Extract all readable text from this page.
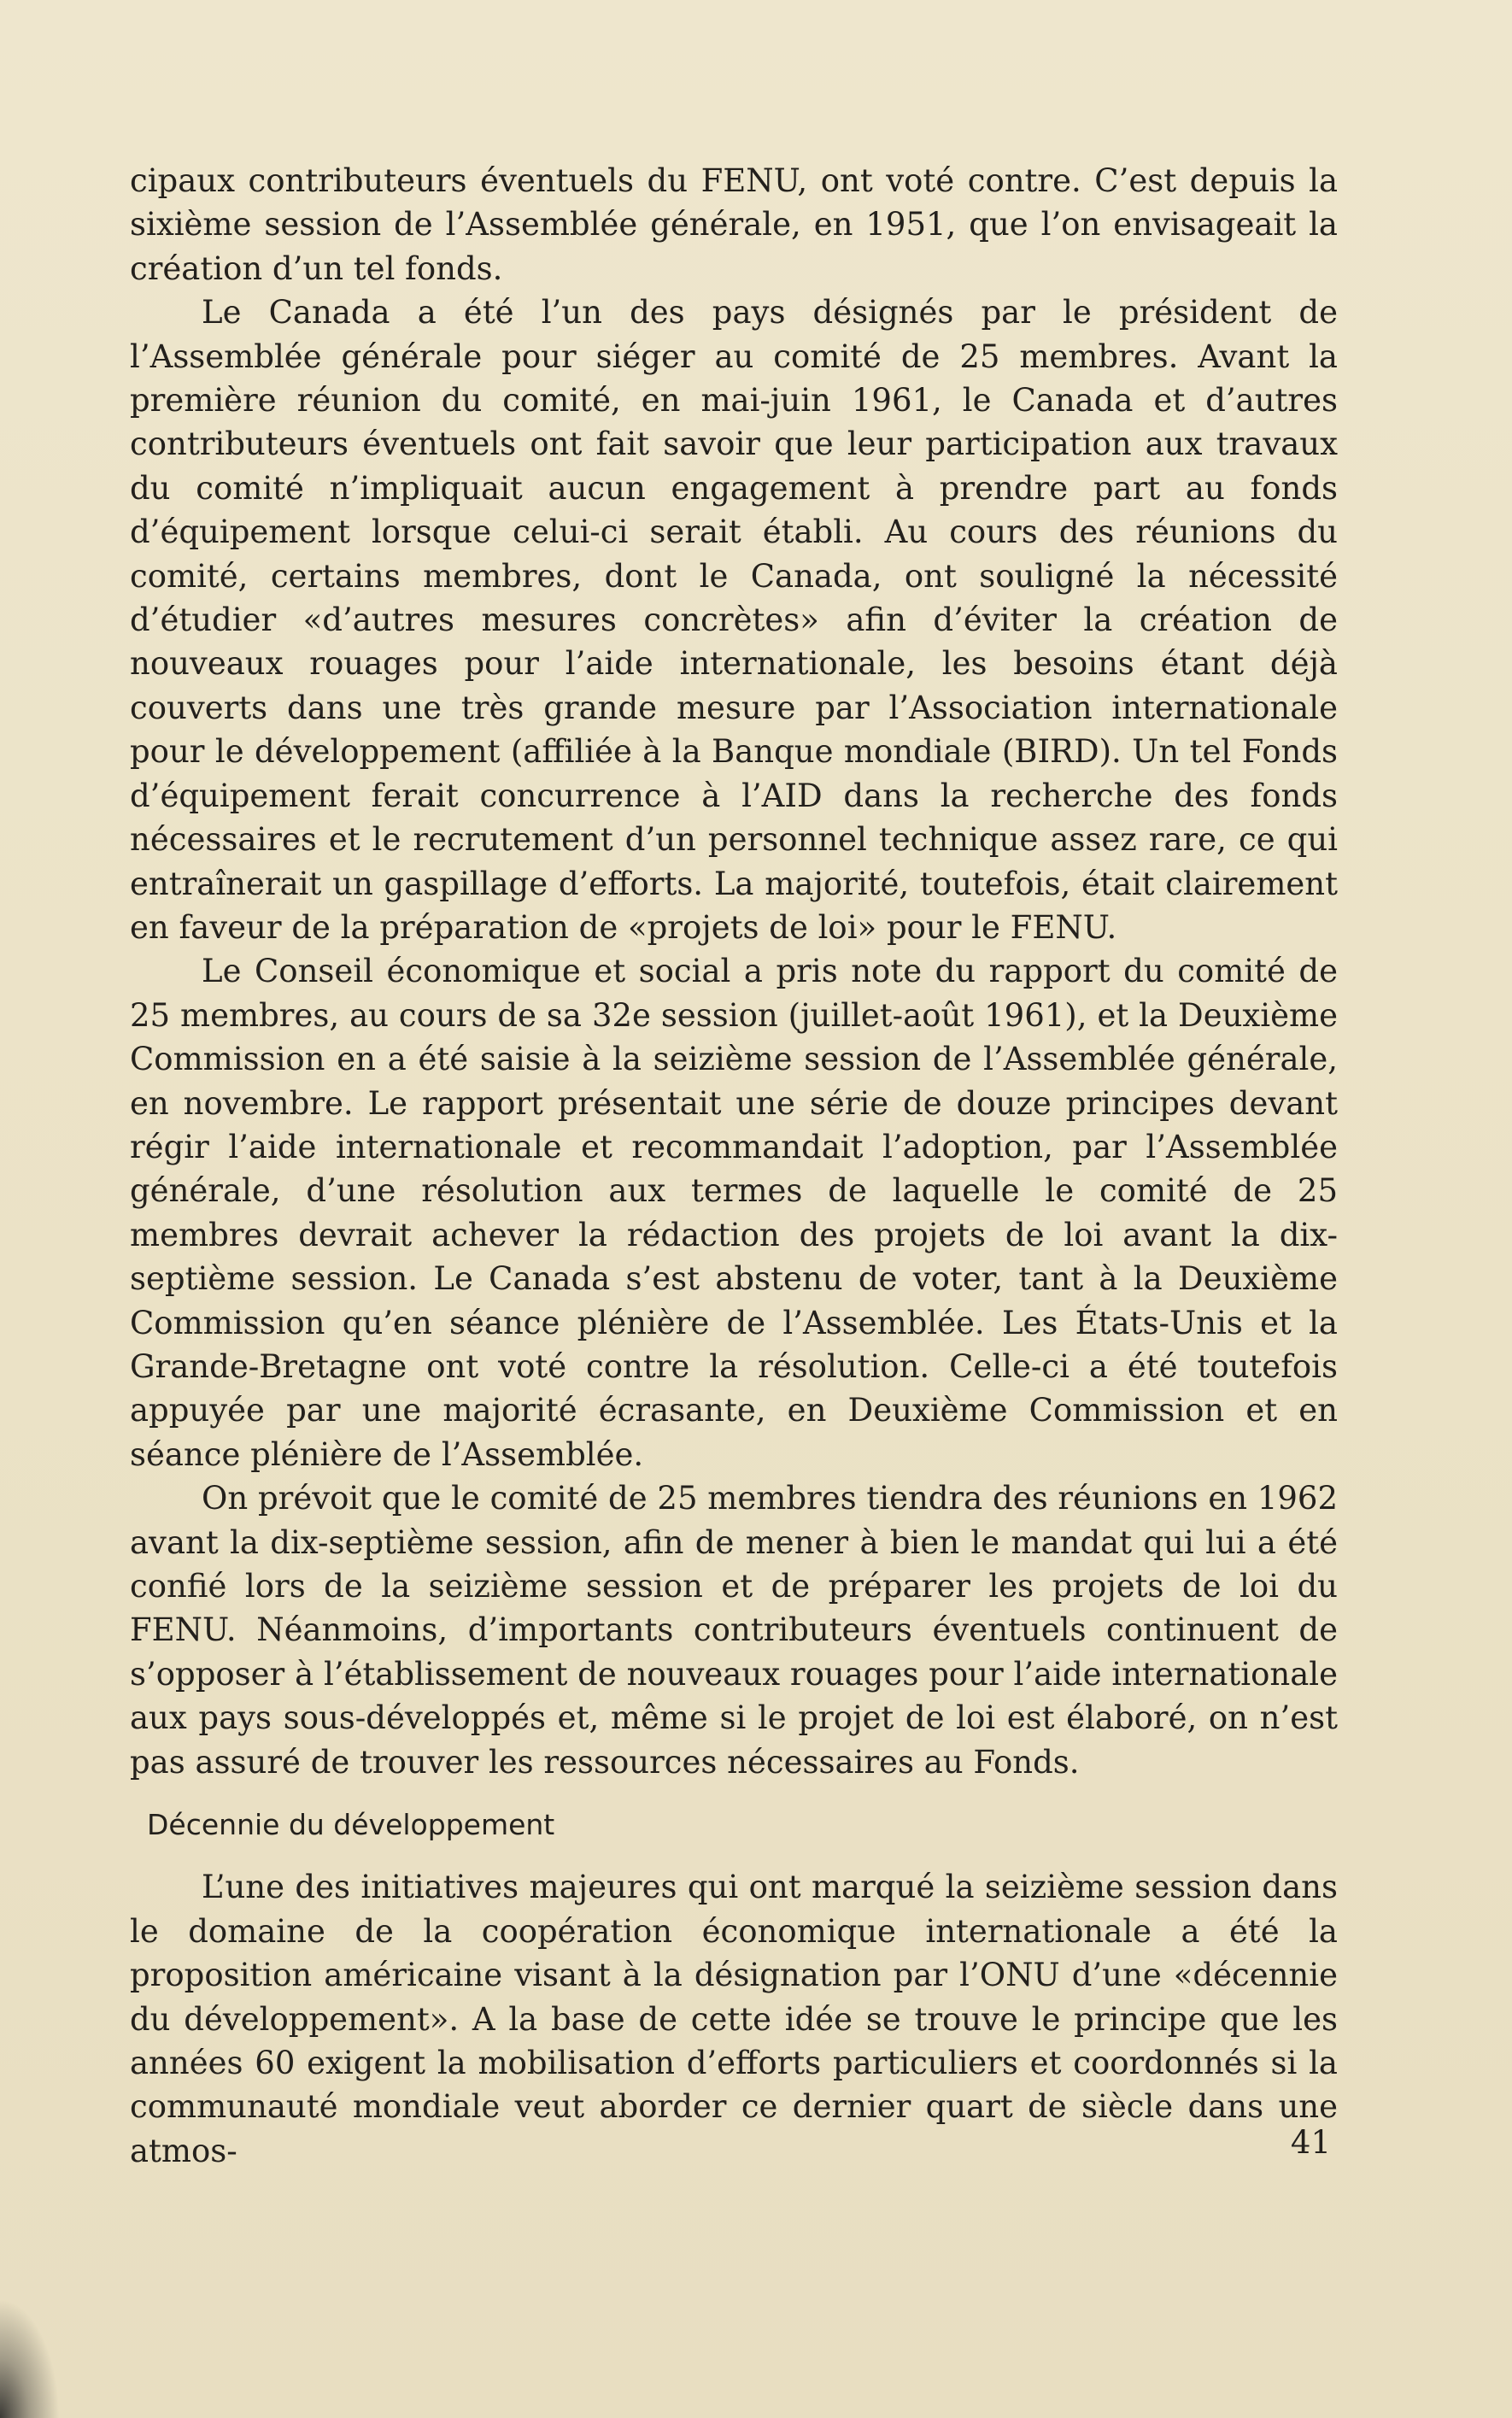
cipaux contributeurs éventuels du FENU, ont voté contre. C’est depuis la sixième session de l’Assemblée générale, en 1951, que l’on envisageait la création d’un tel fonds.

Le Canada a été l’un des pays désignés par le président de l’Assemblée générale pour siéger au comité de 25 membres. Avant la première réunion du comité, en mai-juin 1961, le Canada et d’autres contributeurs éventuels ont fait savoir que leur participation aux travaux du comité n’impliquait aucun engagement à prendre part au fonds d’équipement lorsque celui-ci serait établi. Au cours des réunions du comité, certains membres, dont le Canada, ont souligné la nécessité d’étudier «d’autres mesures concrètes» afin d’éviter la création de nouveaux rouages pour l’aide internationale, les besoins étant déjà couverts dans une très grande mesure par l’Association internationale pour le développement (affiliée à la Banque mondiale (BIRD). Un tel Fonds d’équipement ferait concurrence à l’AID dans la recherche des fonds nécessaires et le recrutement d’un personnel technique assez rare, ce qui entraînerait un gaspillage d’efforts. La majorité, toutefois, était clairement en faveur de la préparation de «projets de loi» pour le FENU.

Le Conseil économique et social a pris note du rapport du comité de 25 membres, au cours de sa 32e session (juillet-août 1961), et la Deuxième Commission en a été saisie à la seizième session de l’Assemblée générale, en novembre. Le rapport présentait une série de douze principes devant régir l’aide internationale et recommandait l’adoption, par l’Assemblée générale, d’une résolution aux termes de laquelle le comité de 25 membres devrait achever la rédaction des projets de loi avant la dix-septième session. Le Canada s’est abstenu de voter, tant à la Deuxième Commission qu’en séance plénière de l’Assemblée. Les États-Unis et la Grande-Bretagne ont voté contre la résolution. Celle-ci a été toutefois appuyée par une majorité écrasante, en Deuxième Commission et en séance plénière de l’Assemblée.

On prévoit que le comité de 25 membres tiendra des réunions en 1962 avant la dix-septième session, afin de mener à bien le mandat qui lui a été confié lors de la seizième session et de préparer les projets de loi du FENU. Néanmoins, d’importants contributeurs éventuels continuent de s’opposer à l’établissement de nouveaux rouages pour l’aide internationale aux pays sous-développés et, même si le projet de loi est élaboré, on n’est pas assuré de trouver les ressources nécessaires au Fonds.

Décennie du développement

L’une des initiatives majeures qui ont marqué la seizième session dans le domaine de la coopération économique internationale a été la proposition américaine visant à la désignation par l’ONU d’une «décennie du développement». A la base de cette idée se trouve le principe que les années 60 exigent la mobilisation d’efforts particuliers et coordonnés si la communauté mondiale veut aborder ce dernier quart de siècle dans une atmos-	41
